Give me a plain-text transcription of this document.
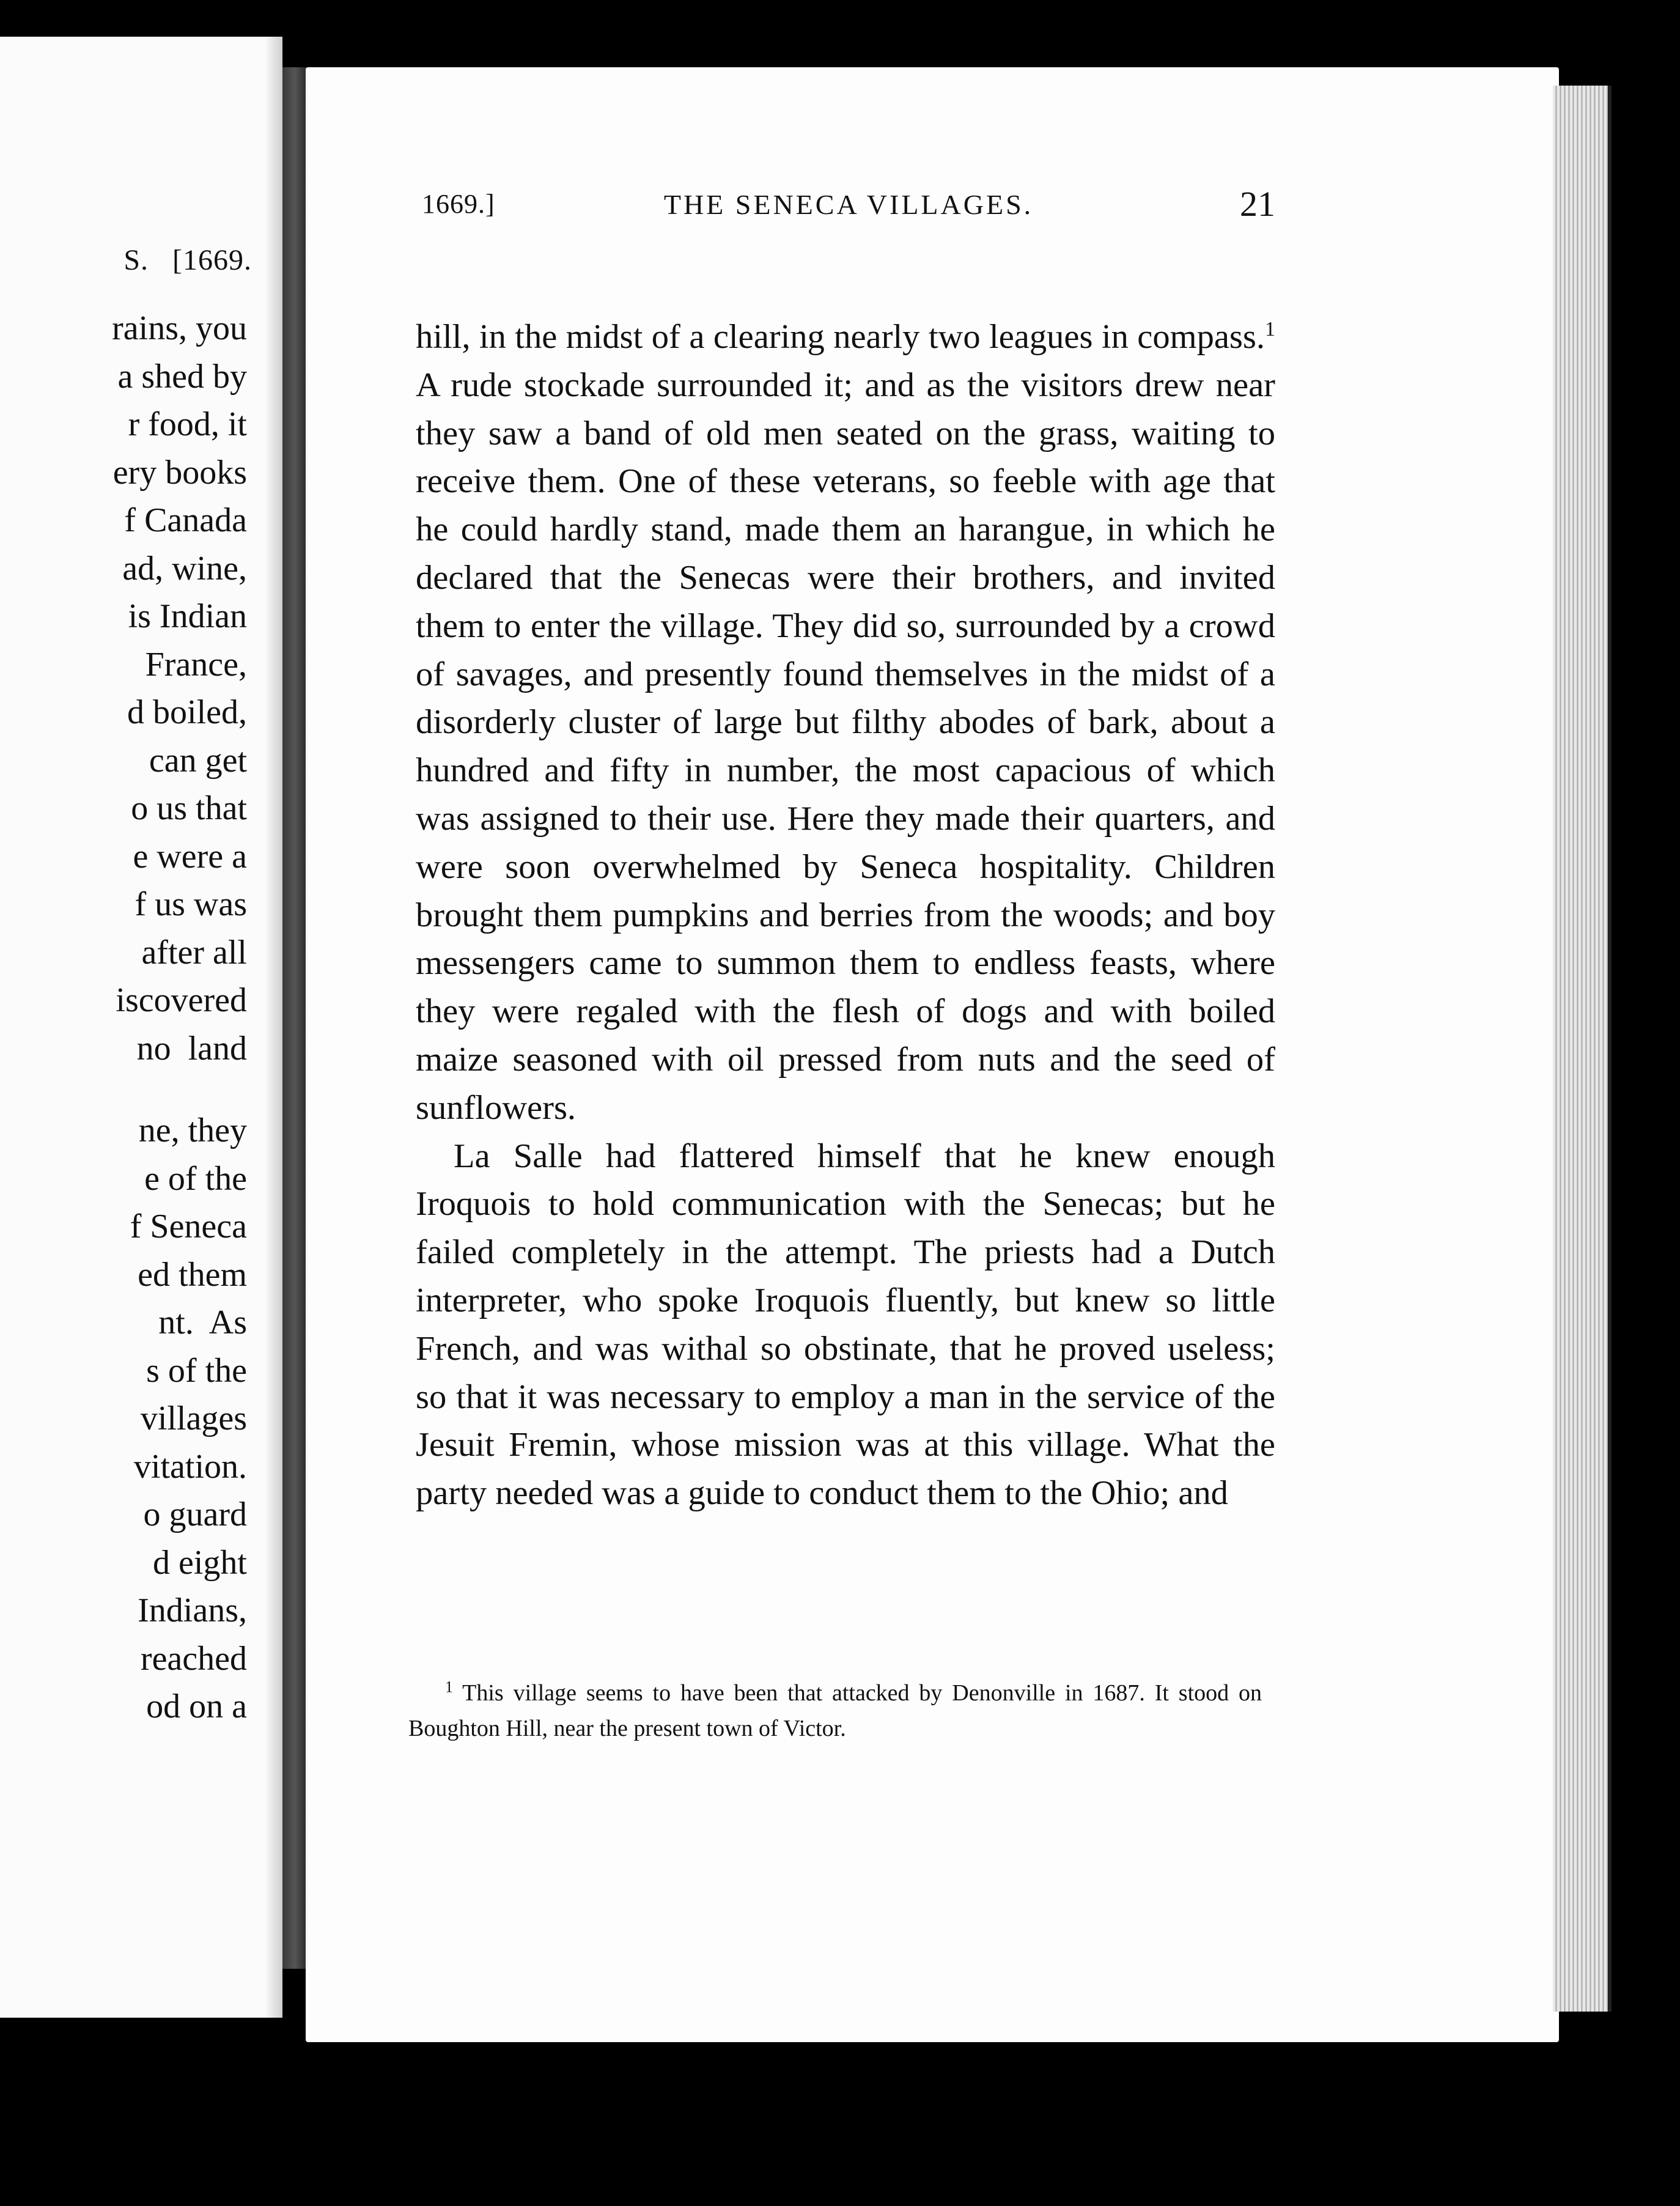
S.   [1669.
rains, you
a shed by
r food, it
ery books
f Canada
ad, wine,
is Indian
France,
d boiled,
can get
o us that
e were a
f us was
after all
iscovered
no  land
ne, they
e of the
f Seneca
ed them
nt.  As
s of the
villages
vitation.
o guard
d eight
Indians,
reached
od on a
1669.]	THE SENECA VILLAGES.	21

hill, in the midst of a clearing nearly two leagues in compass.$^1$ A rude stockade surrounded it; and as the visitors drew near they saw a band of old men seated on the grass, waiting to receive them. One of these veterans, so feeble with age that he could hardly stand, made them an harangue, in which he declared that the Senecas were their brothers, and invited them to enter the village. They did so, surrounded by a crowd of savages, and presently found themselves in the midst of a disorderly cluster of large but filthy abodes of bark, about a hundred and fifty in number, the most capacious of which was assigned to their use. Here they made their quarters, and were soon overwhelmed by Seneca hospitality. Children brought them pumpkins and berries from the woods; and boy messengers came to summon them to endless feasts, where they were regaled with the flesh of dogs and with boiled maize seasoned with oil pressed from nuts and the seed of sunflowers.

La Salle had flattered himself that he knew enough Iroquois to hold communication with the Senecas; but he failed completely in the attempt. The priests had a Dutch interpreter, who spoke Iroquois fluently, but knew so little French, and was withal so obstinate, that he proved useless; so that it was necessary to employ a man in the service of the Jesuit Fremin, whose mission was at this village. What the party needed was a guide to conduct them to the Ohio; and

$^1$ This village seems to have been that attacked by Denonville in 1687. It stood on Boughton Hill, near the present town of Victor.
